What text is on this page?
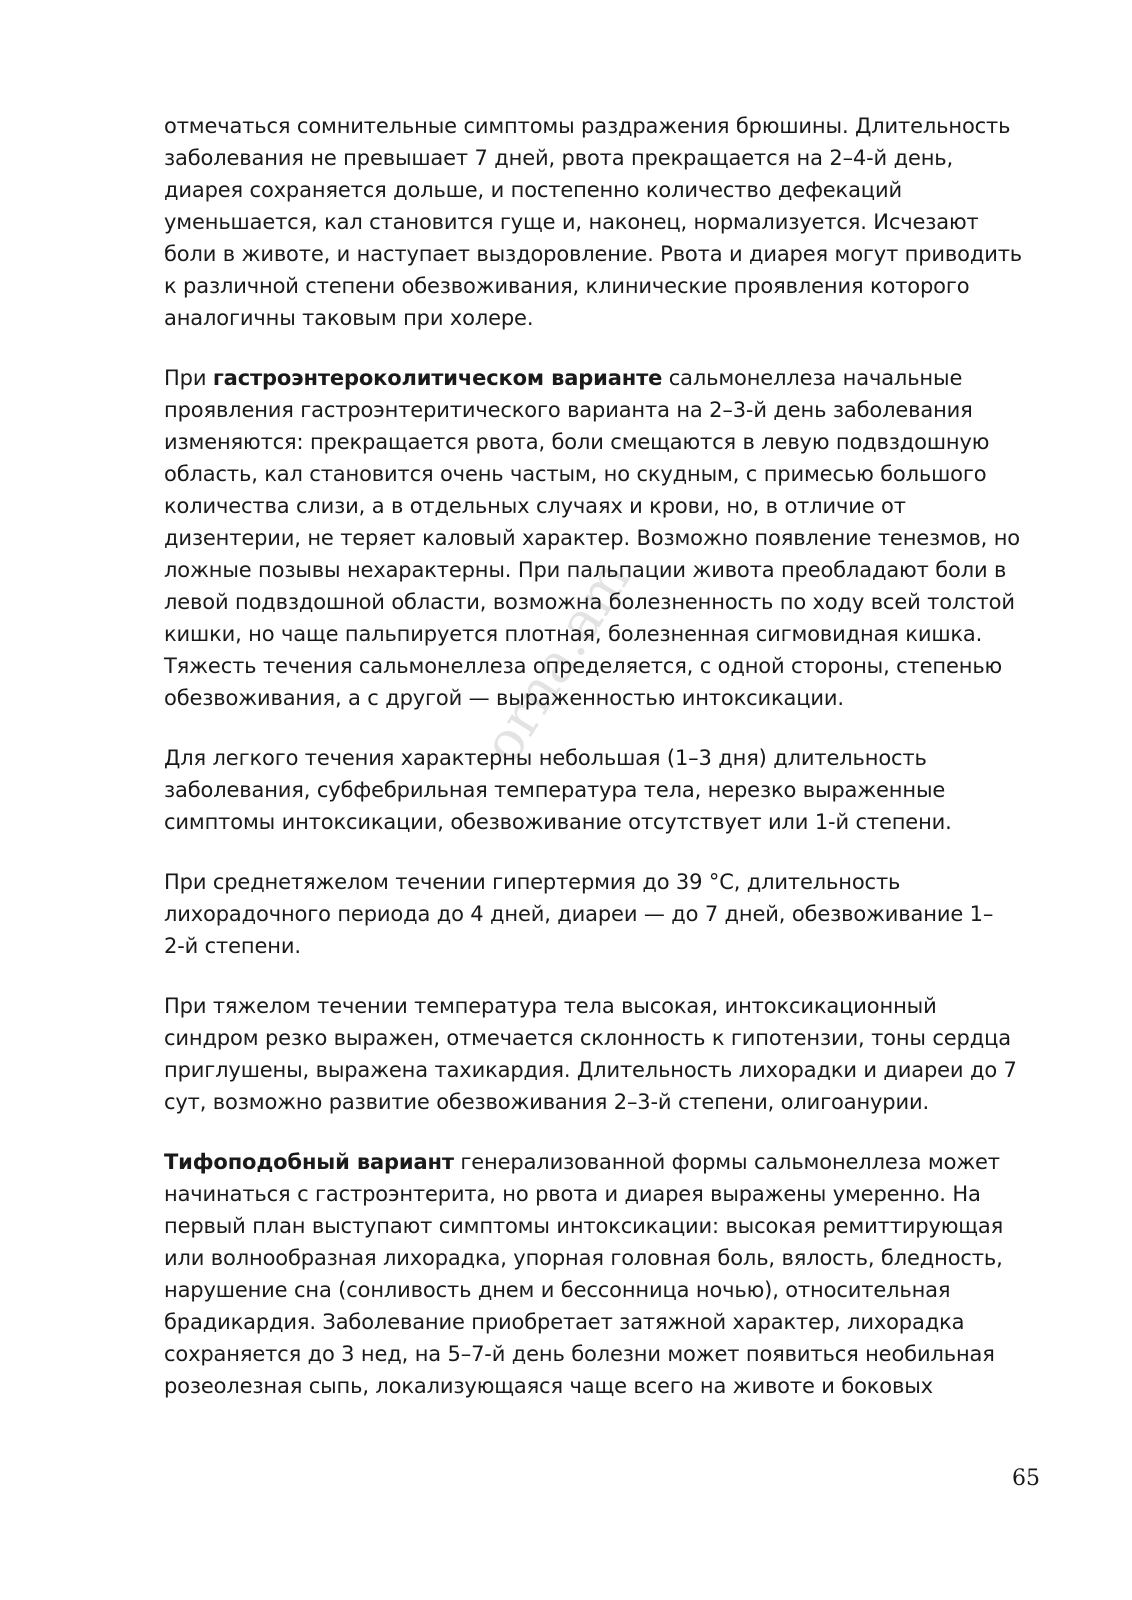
orna.am

отмечаться сомнительные симптомы раздражения брюшины. Длительность
заболевания не превышает 7 дней, рвота прекращается на 2–4-й день,
диарея сохраняется дольше, и постепенно количество дефекаций
уменьшается, кал становится гуще и, наконец, нормализуется. Исчезают
боли в животе, и наступает выздоровление. Рвота и диарея могут приводить
к различной степени обезвоживания, клинические проявления которого
аналогичны таковым при холере.

При гастроэнтероколитическом варианте сальмонеллеза начальные
проявления гастроэнтеритического варианта на 2–3-й день заболевания
изменяются: прекращается рвота, боли смещаются в левую подвздошную
область, кал становится очень частым, но скудным, с примесью большого
количества слизи, а в отдельных случаях и крови, но, в отличие от
дизентерии, не теряет каловый характер. Возможно появление тенезмов, но
ложные позывы нехарактерны. При пальпации живота преобладают боли в
левой подвздошной области, возможна болезненность по ходу всей толстой
кишки, но чаще пальпируется плотная, болезненная сигмовидная кишка.
Тяжесть течения сальмонеллеза определяется, с одной стороны, степенью
обезвоживания, а с другой — выраженностью интоксикации.

Для легкого течения характерны небольшая (1–3 дня) длительность
заболевания, субфебрильная температура тела, нерезко выраженные
симптомы интоксикации, обезвоживание отсутствует или 1-й степени.

При среднетяжелом течении гипертермия до 39 °С, длительность
лихорадочного периода до 4 дней, диареи — до 7 дней, обезвоживание 1–
2-й степени.

При тяжелом течении температура тела высокая, интоксикационный
синдром резко выражен, отмечается склонность к гипотензии, тоны сердца
приглушены, выражена тахикардия. Длительность лихорадки и диареи до 7
сут, возможно развитие обезвоживания 2–3-й степени, олигоанурии.

Тифоподобный вариант генерализованной формы сальмонеллеза может
начинаться с гастроэнтерита, но рвота и диарея выражены умеренно. На
первый план выступают симптомы интоксикации: высокая ремиттирующая
или волнообразная лихорадка, упорная головная боль, вялость, бледность,
нарушение сна (сонливость днем и бессонница ночью), относительная
брадикардия. Заболевание приобретает затяжной характер, лихорадка
сохраняется до 3 нед, на 5–7-й день болезни может появиться необильная
розеолезная сыпь, локализующаяся чаще всего на животе и боковых

65
